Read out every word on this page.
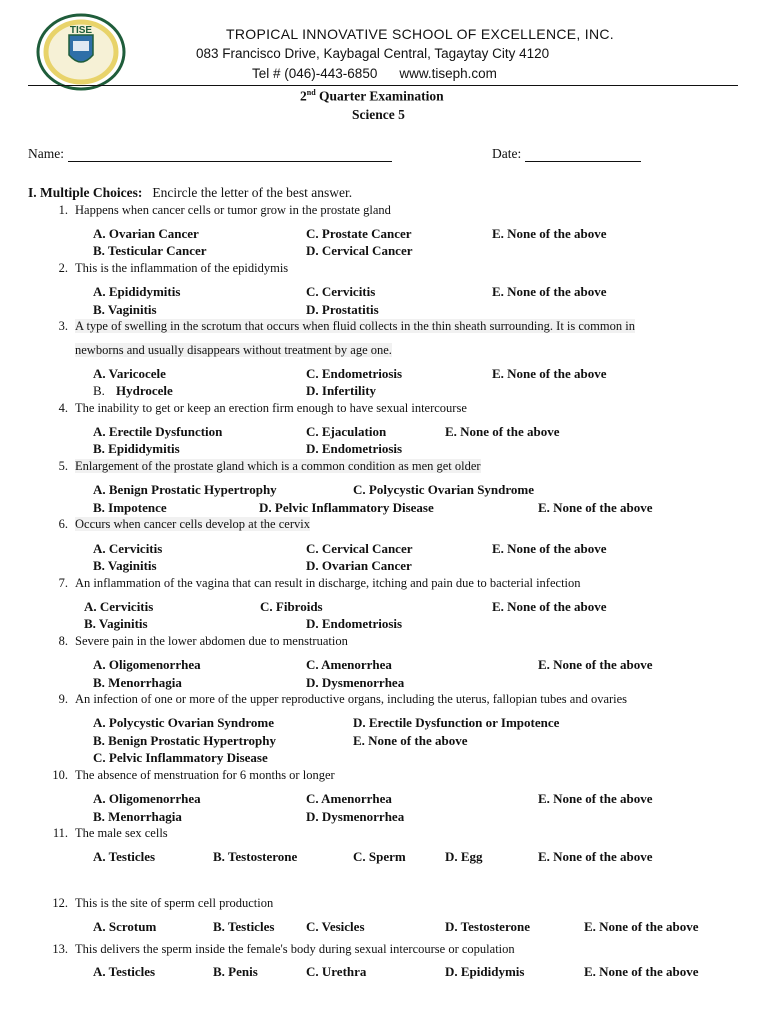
TISE	TROPICAL INNOVATIVE SCHOOL OF EXCELLENCE, INC.
083 Francisco Drive, Kaybagal Central, Tagaytay City 4120
Tel # (046)-443-6850 www.tiseph.com
2nd Quarter Examination
Science 5
Name:	Date:
I. Multiple Choices: Encircle the letter of the best answer.
1. Happens when cancer cells or tumor grow in the prostate gland
A. Ovarian Cancer	C. Prostate Cancer	E. None of the above
B. Testicular Cancer	D. Cervical Cancer
2. This is the inflammation of the epididymis
A. Epididymitis	C. Cervicitis	E. None of the above
B. Vaginitis	D. Prostatitis
3. A type of swelling in the scrotum that occurs when fluid collects in the thin sheath surrounding. It is common in
newborns and usually disappears without treatment by age one.
A. Varicocele	C. Endometriosis	E. None of the above
B. Hydrocele	D. Infertility
4. The inability to get or keep an erection firm enough to have sexual intercourse
A. Erectile Dysfunction	C. Ejaculation	E. None of the above
B. Epididymitis	D. Endometriosis
5. Enlargement of the prostate gland which is a common condition as men get older
A. Benign Prostatic Hypertrophy	C. Polycystic Ovarian Syndrome
B. Impotence	D. Pelvic Inflammatory Disease	E. None of the above
6. Occurs when cancer cells develop at the cervix
A. Cervicitis	C. Cervical Cancer	E. None of the above
B. Vaginitis	D. Ovarian Cancer
7. An inflammation of the vagina that can result in discharge, itching and pain due to bacterial infection
A. Cervicitis	C. Fibroids	E. None of the above
B. Vaginitis	D. Endometriosis
8. Severe pain in the lower abdomen due to menstruation
A. Oligomenorrhea	C. Amenorrhea	E. None of the above
B. Menorrhagia	D. Dysmenorrhea
9. An infection of one or more of the upper reproductive organs, including the uterus, fallopian tubes and ovaries
A. Polycystic Ovarian Syndrome	D. Erectile Dysfunction or Impotence
B. Benign Prostatic Hypertrophy	E. None of the above
C. Pelvic Inflammatory Disease
10. The absence of menstruation for 6 months or longer
A. Oligomenorrhea	C. Amenorrhea	E. None of the above
B. Menorrhagia	D. Dysmenorrhea
11. The male sex cells
A. Testicles	B. Testosterone	C. Sperm	D. Egg	E. None of the above
12. This is the site of sperm cell production
A. Scrotum	B. Testicles C. Vesicles	D. Testosterone	E. None of the above
13. This delivers the sperm inside the female's body during sexual intercourse or copulation
A. Testicles	B. Penis	C. Urethra	D. Epididymis	E. None of the above
